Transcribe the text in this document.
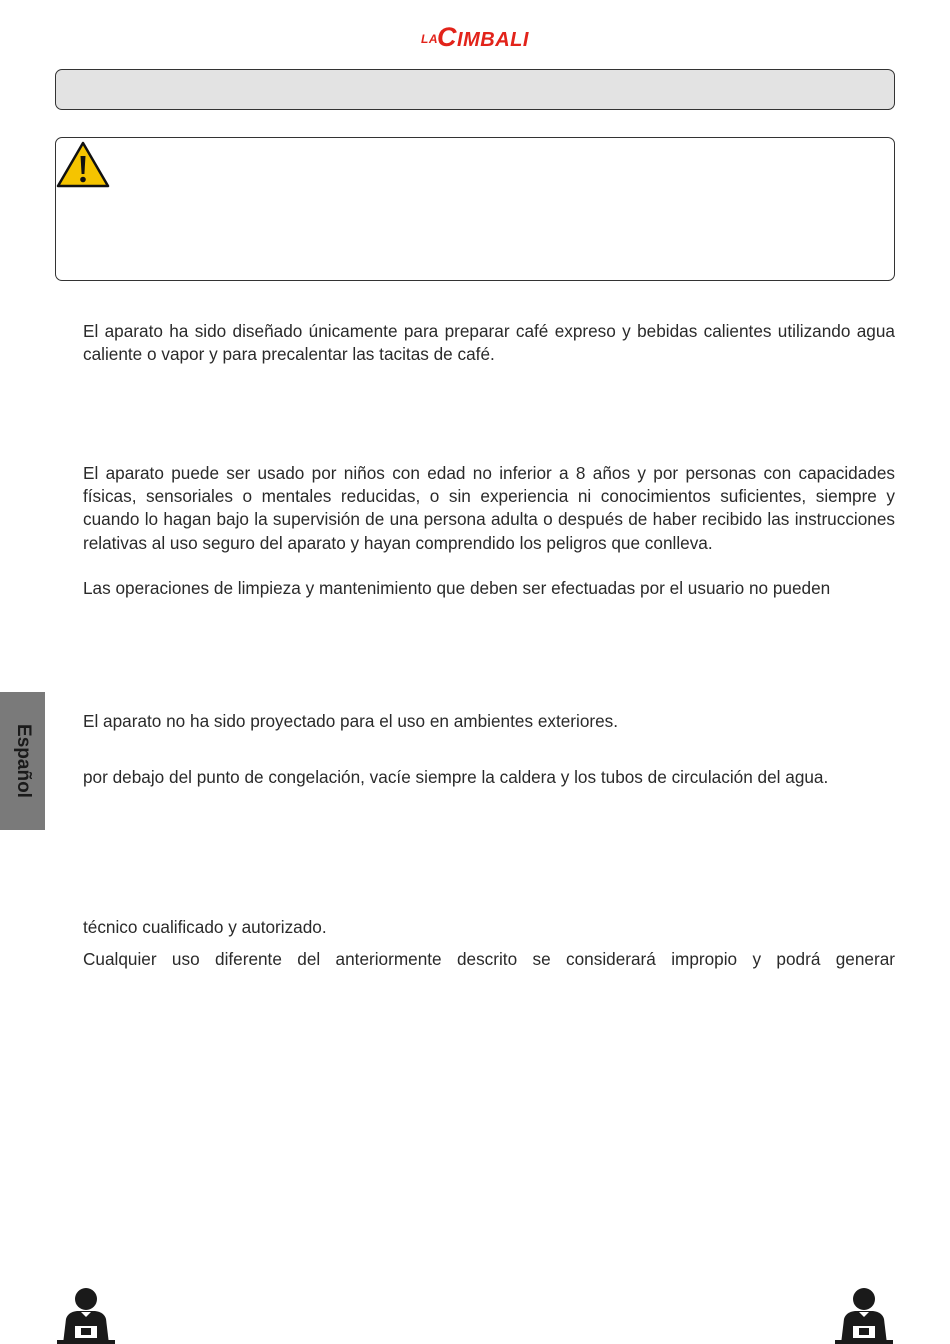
LACIMBALI

El aparato ha sido diseñado únicamente para preparar café expreso y bebidas calientes utilizando agua caliente o vapor y para precalentar las tacitas de café.

El aparato puede ser usado por niños con edad no inferior a 8 años y por personas con capacidades físicas, sensoriales o mentales reducidas, o sin experiencia ni conocimientos suficientes, siempre y cuando lo hagan bajo la supervisión de una persona adulta o después de haber recibido las instrucciones relativas al uso seguro del aparato y hayan comprendido los peligros que conlleva.

Las operaciones de limpieza y mantenimiento que deben ser efectuadas por el usuario no pueden

Español

El aparato no ha sido proyectado para el uso en ambientes exteriores.

por debajo del punto de congelación, vacíe siempre la caldera y los tubos de circulación del agua.

técnico cualificado y autorizado.

Cualquier uso diferente del anteriormente descrito se considerará impropio y podrá generar
